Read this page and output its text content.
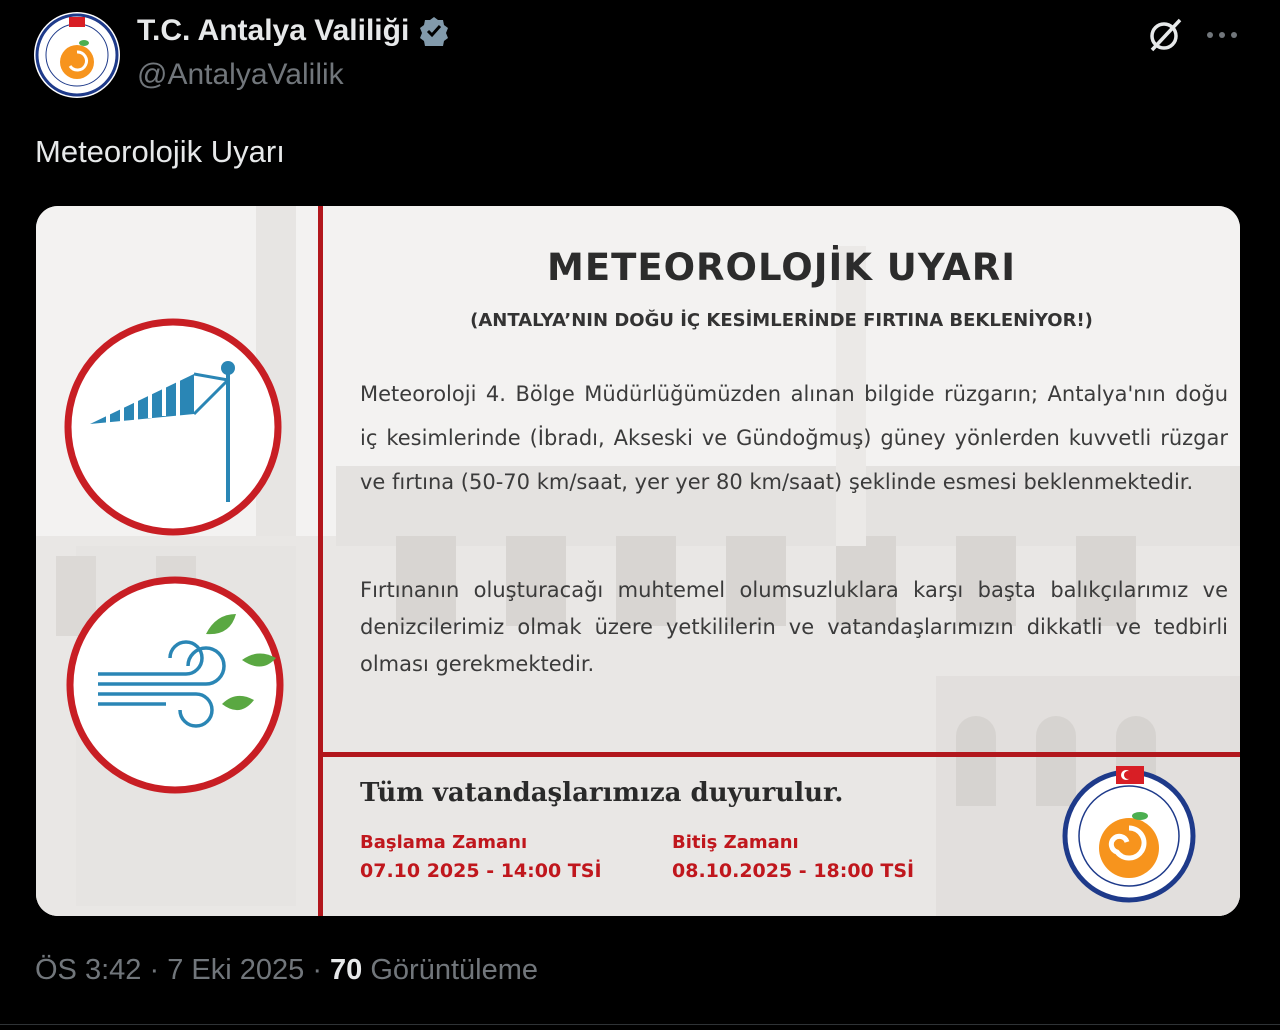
T.C. Antalya Valiliği
@AntalyaValilik
Meteorolojik Uyarı
METEOROLOJİK UYARI
(ANTALYA’NIN DOĞU İÇ KESİMLERİNDE FIRTINA BEKLENİYOR!)
Meteoroloji 4. Bölge Müdürlüğümüzden alınan bilgide rüzgarın; Antalya'nın doğu iç kesimlerinde (İbradı, Akseski ve Gündoğmuş) güney yönlerden kuvvetli rüzgar ve fırtına (50-70 km/saat, yer yer 80 km/saat) şeklinde esmesi beklenmektedir.
Fırtınanın oluşturacağı muhtemel olumsuzluklara karşı başta balıkçılarımız ve denizcilerimiz olmak üzere yetkililerin ve vatandaşlarımızın dikkatli ve tedbirli olması gerekmektedir.
Tüm vatandaşlarımıza duyurulur.
Başlama Zamanı
07.10 2025 - 14:00 TSİ
Bitiş Zamanı
08.10.2025 - 18:00 TSİ
ÖS 3:42 · 7 Eki 2025 · 70 Görüntüleme
